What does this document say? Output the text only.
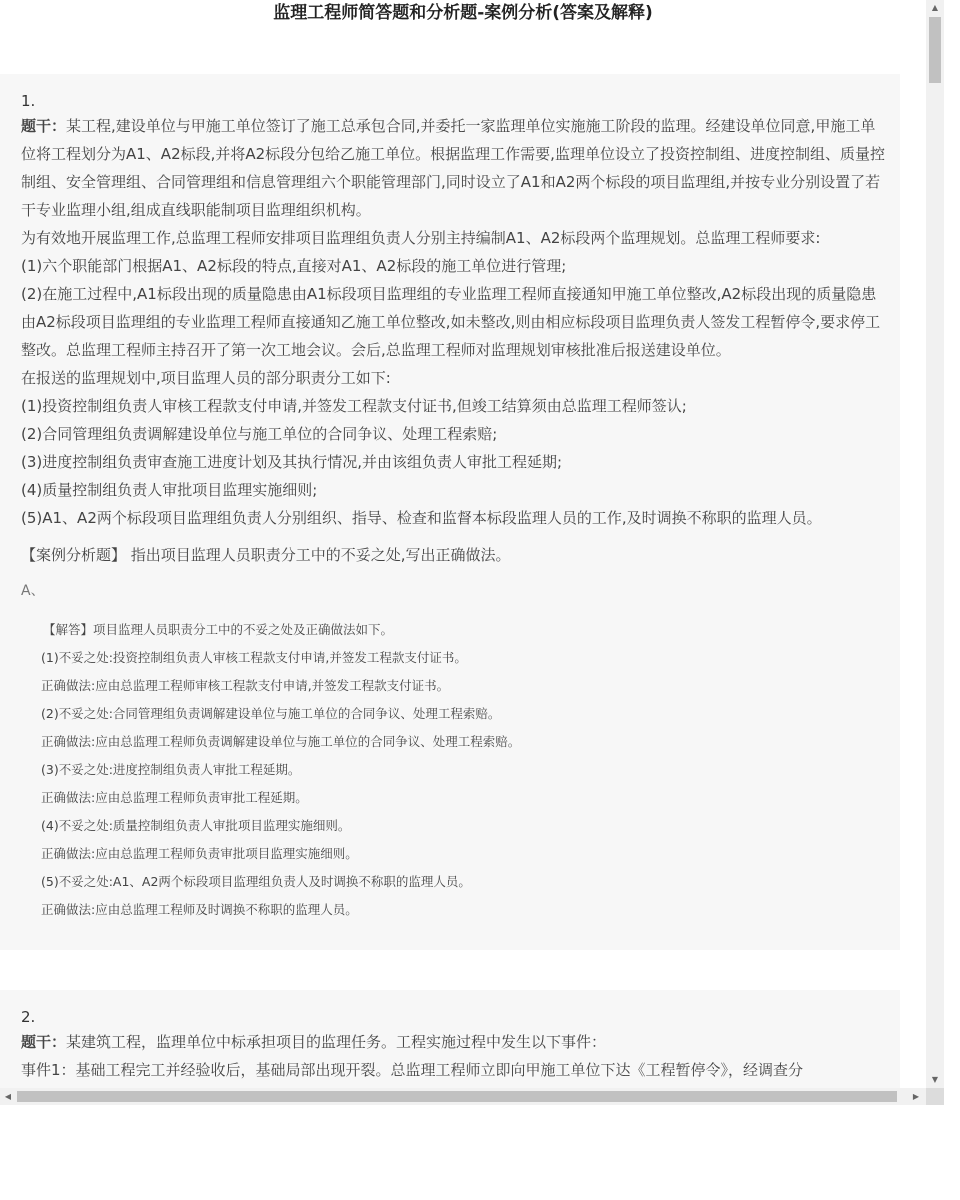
监理工程师简答题和分析题-案例分析(答案及解释)
1.

题干：某工程,建设单位与甲施工单位签订了施工总承包合同,并委托一家监理单位实施施工阶段的监理。经建设单位同意,甲施工单位将工程划分为A1、A2标段,并将A2标段分包给乙施工单位。根据监理工作需要,监理单位设立了投资控制组、进度控制组、质量控制组、安全管理组、合同管理组和信息管理组六个职能管理部门,同时设立了A1和A2两个标段的项目监理组,并按专业分别设置了若干专业监理小组,组成直线职能制项目监理组织机构。

为有效地开展监理工作,总监理工程师安排项目监理组负责人分别主持编制A1、A2标段两个监理规划。总监理工程师要求:

(1)六个职能部门根据A1、A2标段的特点,直接对A1、A2标段的施工单位进行管理;

(2)在施工过程中,A1标段出现的质量隐患由A1标段项目监理组的专业监理工程师直接通知甲施工单位整改,A2标段出现的质量隐患由A2标段项目监理组的专业监理工程师直接通知乙施工单位整改,如未整改,则由相应标段项目监理负责人签发工程暂停令,要求停工整改。总监理工程师主持召开了第一次工地会议。会后,总监理工程师对监理规划审核批准后报送建设单位。

在报送的监理规划中,项目监理人员的部分职责分工如下:

(1)投资控制组负责人审核工程款支付申请,并签发工程款支付证书,但竣工结算须由总监理工程师签认;

(2)合同管理组负责调解建设单位与施工单位的合同争议、处理工程索赔;

(3)进度控制组负责审查施工进度计划及其执行情况,并由该组负责人审批工程延期;

(4)质量控制组负责人审批项目监理实施细则;

(5)A1、A2两个标段项目监理组负责人分别组织、指导、检查和监督本标段监理人员的工作,及时调换不称职的监理人员。

【案例分析题】 指出项目监理人员职责分工中的不妥之处,写出正确做法。
A、

【解答】项目监理人员职责分工中的不妥之处及正确做法如下。

(1)不妥之处:投资控制组负责人审核工程款支付申请,并签发工程款支付证书。

正确做法:应由总监理工程师审核工程款支付申请,并签发工程款支付证书。

(2)不妥之处:合同管理组负责调解建设单位与施工单位的合同争议、处理工程索赔。

正确做法:应由总监理工程师负责调解建设单位与施工单位的合同争议、处理工程索赔。

(3)不妥之处:进度控制组负责人审批工程延期。

正确做法:应由总监理工程师负责审批工程延期。

(4)不妥之处:质量控制组负责人审批项目监理实施细则。

正确做法:应由总监理工程师负责审批项目监理实施细则。

(5)不妥之处:A1、A2两个标段项目监理组负责人及时调换不称职的监理人员。

正确做法:应由总监理工程师及时调换不称职的监理人员。

2.

题干：某建筑工程，监理单位中标承担项目的监理任务。工程实施过程中发生以下事件：

事件1：基础工程完工并经验收后，基础局部出现开裂。总监理工程师立即向甲施工单位下达《工程暂停令》，经调查分

▲
▼
◀	▶
